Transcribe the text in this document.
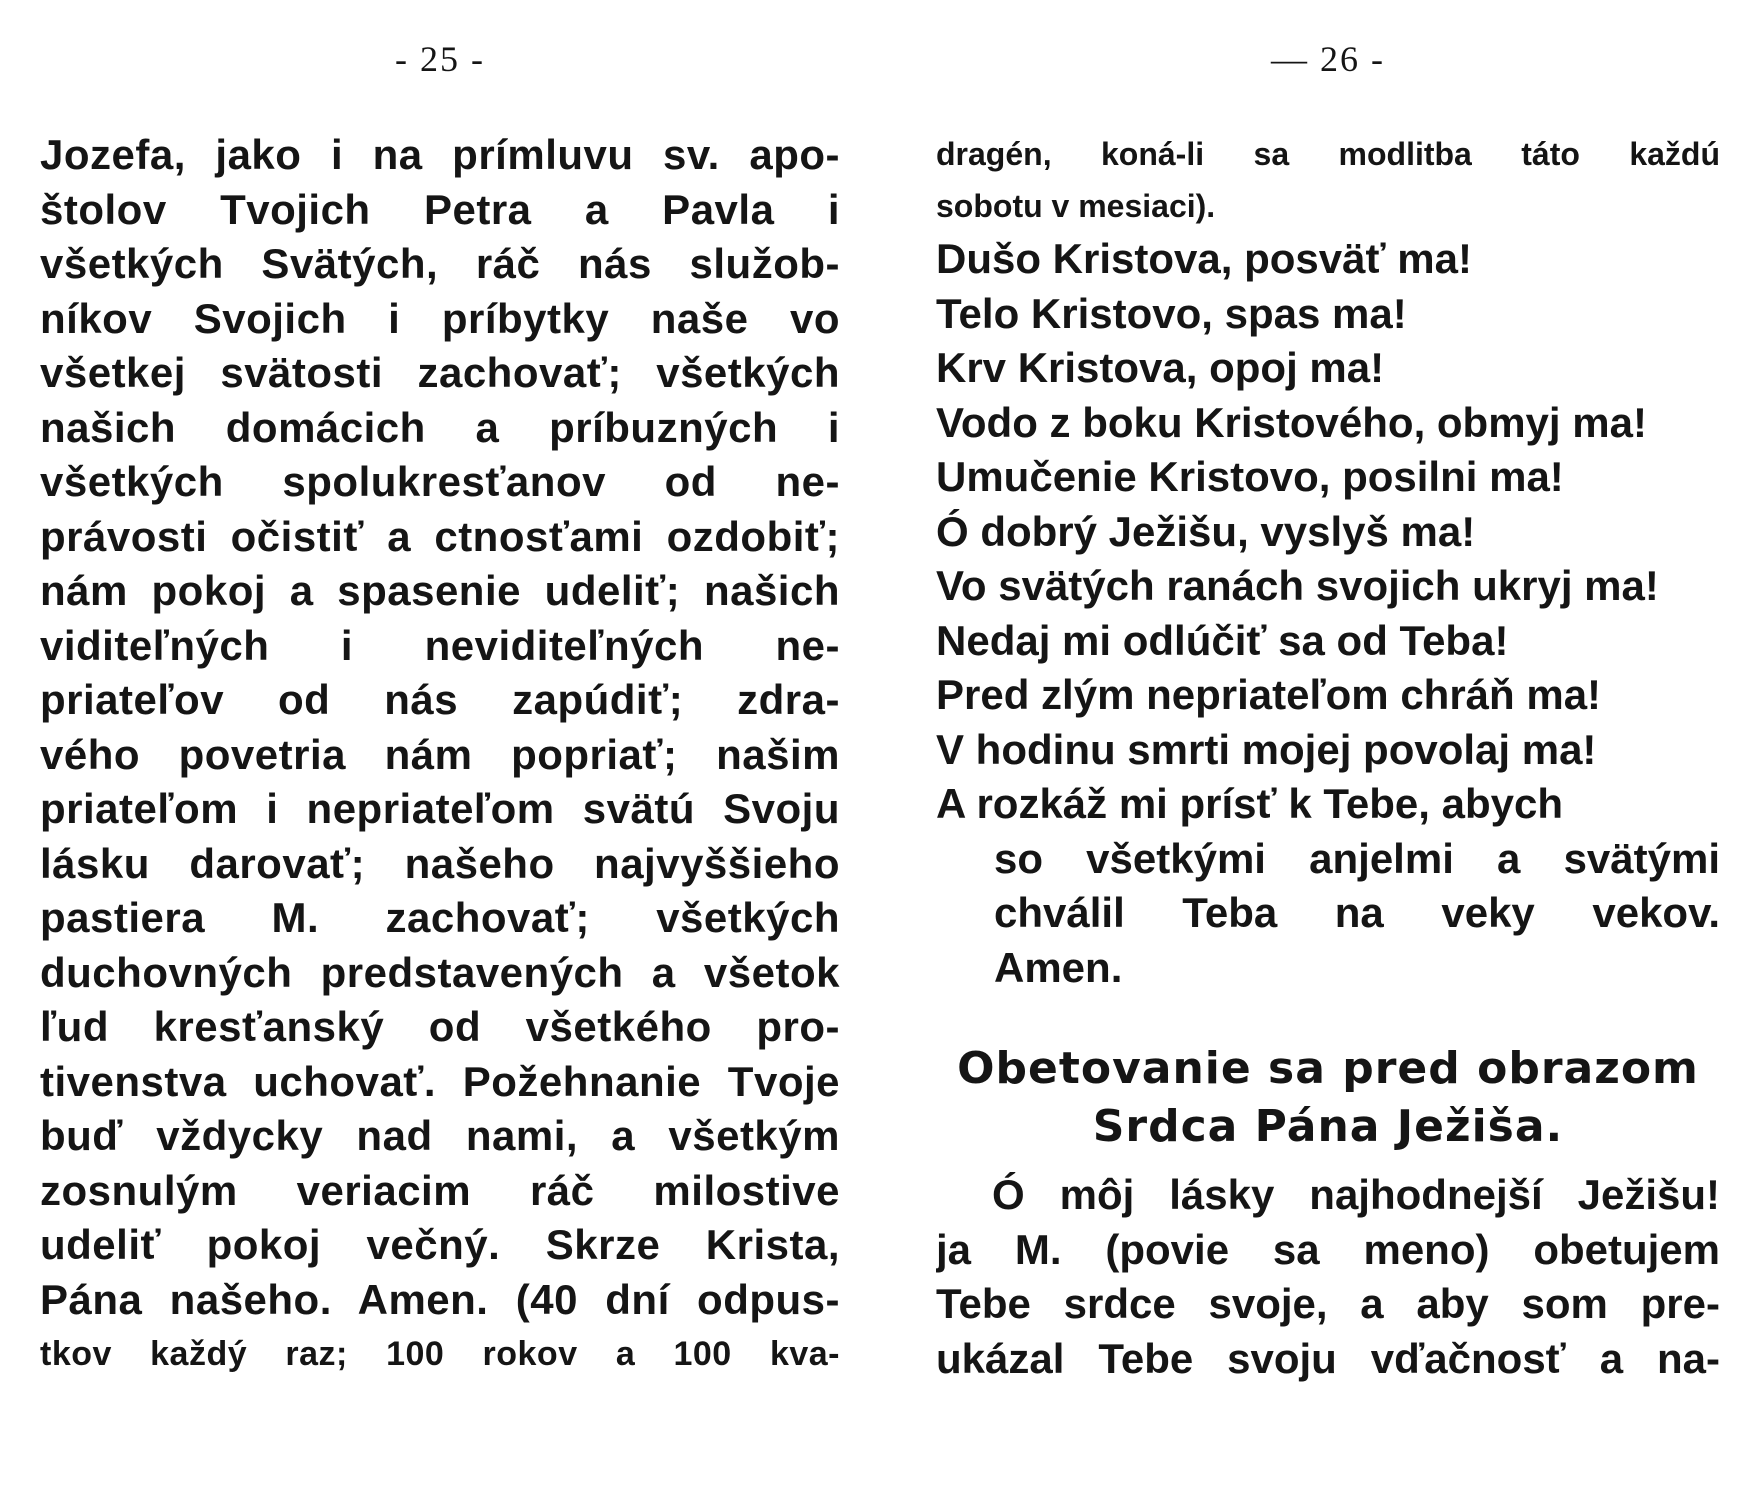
- 25 -
Jozefa, jako i na prímluvu sv. apo-
štolov Tvojich Petra a Pavla i
všetkých Svätých, ráč nás služob-
níkov Svojich i príbytky naše vo
všetkej svätosti zachovať; všetkých
našich domácich a príbuzných i
všetkých spolukresťanov od ne-
právosti očistiť a ctnosťami ozdobiť;
nám pokoj a spasenie udeliť; našich
viditeľných i neviditeľných ne-
priateľov od nás zapúdiť; zdra-
vého povetria nám popriať; našim
priateľom i nepriateľom svätú Svoju
lásku darovať; našeho najvyššieho
pastiera M. zachovať; všetkých
duchovných predstavených a všetok
ľud kresťanský od všetkého pro-
tivenstva uchovať. Požehnanie Tvoje
buď vždycky nad nami, a všetkým
zosnulým veriacim ráč milostive
udeliť pokoj večný. Skrze Krista,
Pána našeho. Amen. (40 dní odpus-
tkov každý raz; 100 rokov a 100 kva-
— 26 -
dragén, koná-li sa modlitba táto každú
sobotu v mesiaci).
Dušo Kristova, posväť ma!
Telo Kristovo, spas ma!
Krv Kristova, opoj ma!
Vodo z boku Kristového, obmyj ma!
Umučenie Kristovo, posilni ma!
Ó dobrý Ježišu, vyslyš ma!
Vo svätých ranách svojich ukryj ma!
Nedaj mi odlúčiť sa od Teba!
Pred zlým nepriateľom chráň ma!
V hodinu smrti mojej povolaj ma!
A rozkáž mi prísť k Tebe, abych
so všetkými anjelmi a svätými
chválil Teba na veky vekov.
Amen.
Obetovanie sa pred obrazom
Srdca Pána Ježiša.
Ó môj lásky najhodnejší Ježišu!
ja M. (povie sa meno) obetujem
Tebe srdce svoje, a aby som pre-
ukázal Tebe svoju vďačnosť a na-
